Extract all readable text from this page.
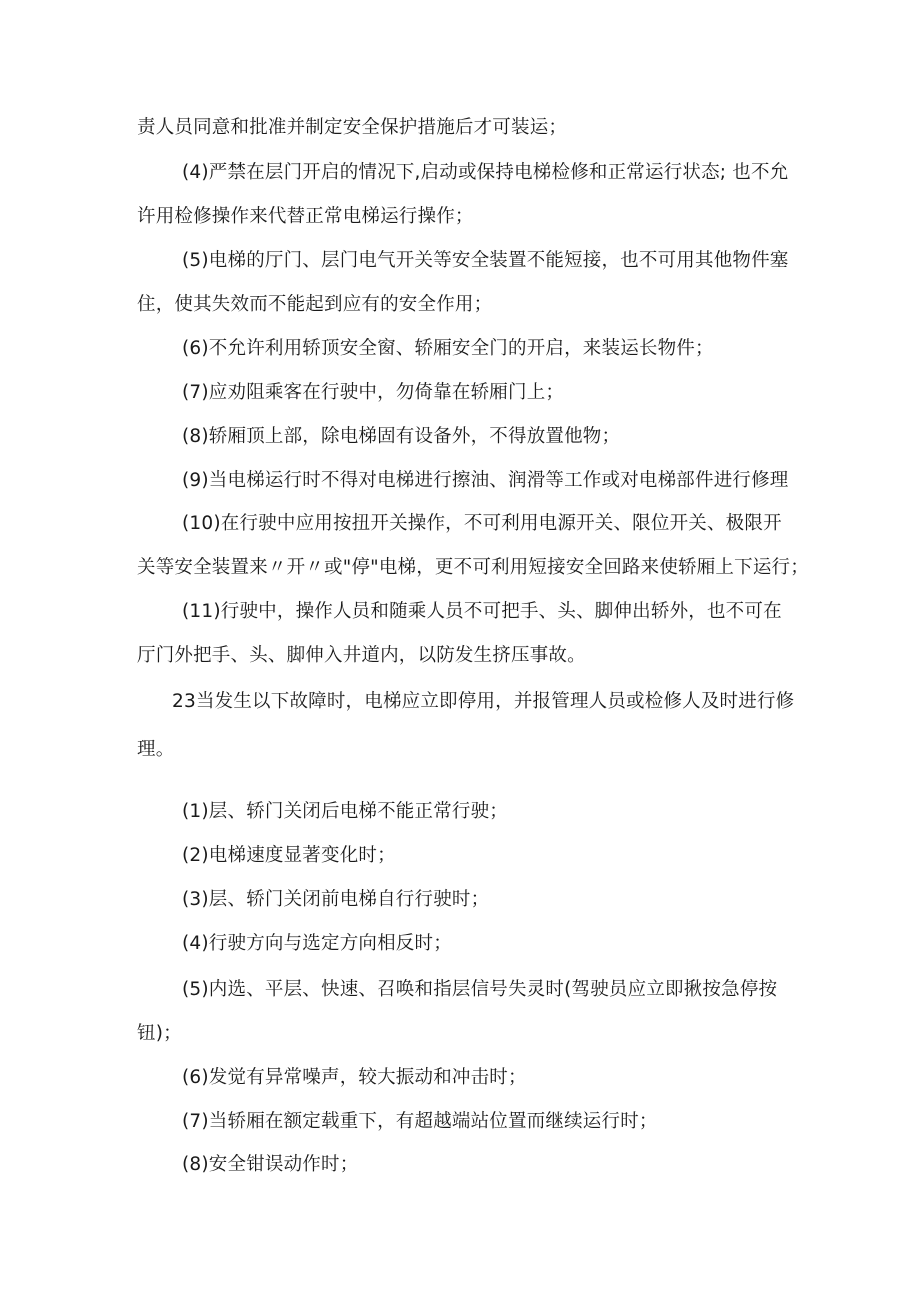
责人员同意和批准并制定安全保护措施后才可装运；
(4)严禁在层门开启的情况下,启动或保持电梯检修和正常运行状态; 也不允
许用检修操作来代替正常电梯运行操作；
(5)电梯的厅门、层门电气开关等安全装置不能短接，也不可用其他物件塞
住，使其失效而不能起到应有的安全作用；
(6)不允许利用轿顶安全窗、轿厢安全门的开启，来装运长物件；
(7)应劝阻乘客在行驶中，勿倚靠在轿厢门上；
(8)轿厢顶上部，除电梯固有设备外，不得放置他物；
(9)当电梯运行时不得对电梯进行擦油、润滑等工作或对电梯部件进行修理
(10)在行驶中应用按扭开关操作，不可利用电源开关、限位开关、极限开
关等安全装置来〃开〃或"停"电梯，更不可利用短接安全回路来使轿厢上下运行；
(11)行驶中，操作人员和随乘人员不可把手、头、脚伸出轿外，也不可在
厅门外把手、头、脚伸入井道内，以防发生挤压事故。
23当发生以下故障时，电梯应立即停用，并报管理人员或检修人及时进行修
理。
(1)层、轿门关闭后电梯不能正常行驶；
(2)电梯速度显著变化时；
(3)层、轿门关闭前电梯自行行驶时；
(4)行驶方向与选定方向相反时；
(5)内选、平层、快速、召唤和指层信号失灵时(驾驶员应立即揪按急停按
钮)；
(6)发觉有异常噪声，较大振动和冲击时；
(7)当轿厢在额定载重下，有超越端站位置而继续运行时；
(8)安全钳误动作时；
